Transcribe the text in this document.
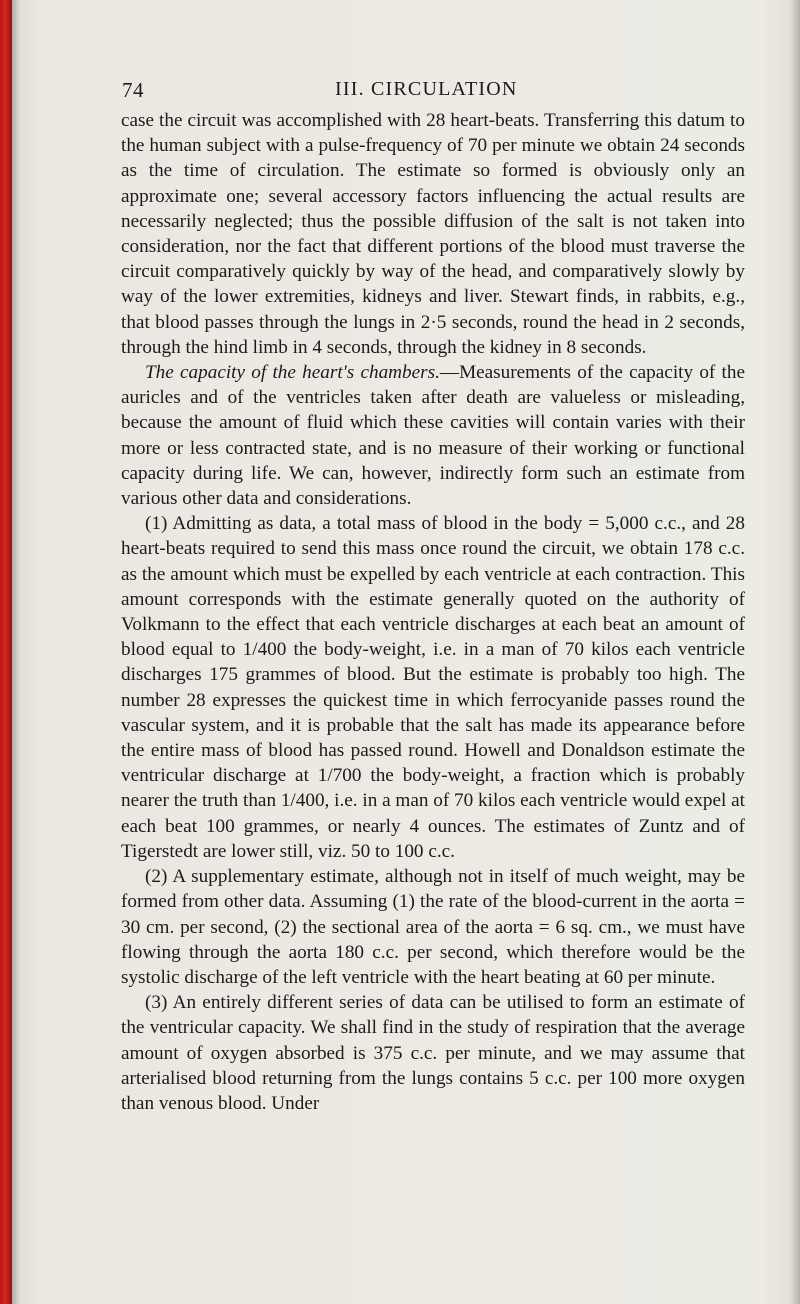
74	III. CIRCULATION

case the circuit was accomplished with 28 heart-beats. Transferring this datum to the human subject with a pulse-frequency of 70 per minute we obtain 24 seconds as the time of circulation. The estimate so formed is obviously only an approximate one; several accessory factors influencing the actual results are necessarily neglected; thus the possible diffusion of the salt is not taken into consideration, nor the fact that different portions of the blood must traverse the circuit comparatively quickly by way of the head, and comparatively slowly by way of the lower extremities, kidneys and liver. Stewart finds, in rabbits, e.g., that blood passes through the lungs in 2·5 seconds, round the head in 2 seconds, through the hind limb in 4 seconds, through the kidney in 8 seconds.

The capacity of the heart's chambers.—Measurements of the capacity of the auricles and of the ventricles taken after death are valueless or misleading, because the amount of fluid which these cavities will contain varies with their more or less contracted state, and is no measure of their working or functional capacity during life. We can, however, indirectly form such an estimate from various other data and considerations.

(1) Admitting as data, a total mass of blood in the body = 5,000 c.c., and 28 heart-beats required to send this mass once round the circuit, we obtain 178 c.c. as the amount which must be expelled by each ventricle at each contraction. This amount corresponds with the estimate generally quoted on the authority of Volkmann to the effect that each ventricle discharges at each beat an amount of blood equal to 1/400 the body-weight, i.e. in a man of 70 kilos each ventricle discharges 175 grammes of blood. But the estimate is probably too high. The number 28 expresses the quickest time in which ferrocyanide passes round the vascular system, and it is probable that the salt has made its appearance before the entire mass of blood has passed round. Howell and Donaldson estimate the ventricular discharge at 1/700 the body-weight, a fraction which is probably nearer the truth than 1/400, i.e. in a man of 70 kilos each ventricle would expel at each beat 100 grammes, or nearly 4 ounces. The estimates of Zuntz and of Tigerstedt are lower still, viz. 50 to 100 c.c.

(2) A supplementary estimate, although not in itself of much weight, may be formed from other data. Assuming (1) the rate of the blood-current in the aorta = 30 cm. per second, (2) the sectional area of the aorta = 6 sq. cm., we must have flowing through the aorta 180 c.c. per second, which therefore would be the systolic discharge of the left ventricle with the heart beating at 60 per minute.

(3) An entirely different series of data can be utilised to form an estimate of the ventricular capacity. We shall find in the study of respiration that the average amount of oxygen absorbed is 375 c.c. per minute, and we may assume that arterialised blood returning from the lungs contains 5 c.c. per 100 more oxygen than venous blood. Under
